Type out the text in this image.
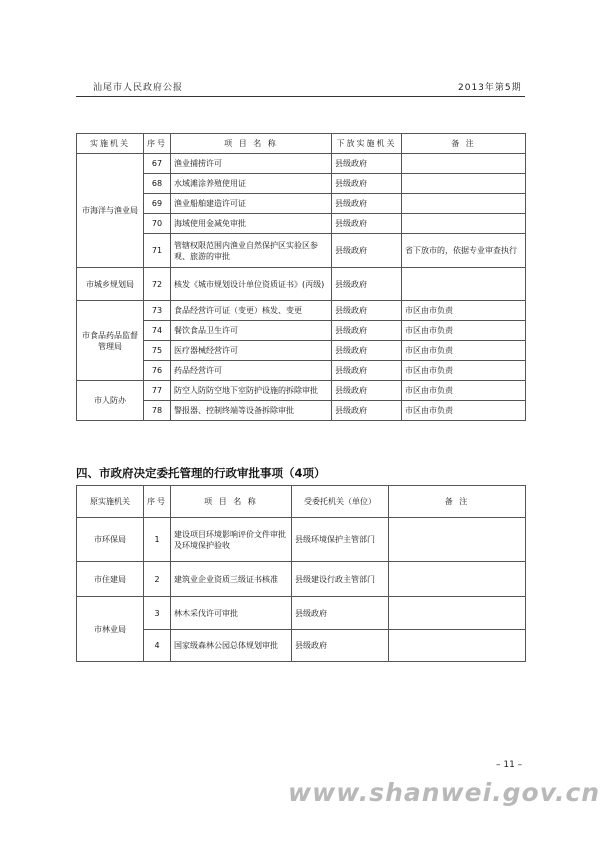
汕尾市人民政府公报	2013年第5期
实施机关	序号	项 目 名 称	下放实施机关	备 注
市海洋与渔业局	67	渔业捕捞许可	县级政府	
	68	水域滩涂养殖使用证	县级政府	
	69	渔业船舶建造许可证	县级政府	
	70	海域使用金减免审批	县级政府	
	71	管辖权限范围内渔业自然保护区实验区参观、旅游的审批	县级政府	省下放市的，依据专业审查执行
市城乡规划局	72	核发《城市规划设计单位资质证书》(丙级)	县级政府	
市食品药品监督管理局	73	食品经营许可证（变更）核发、变更	县级政府	市区由市负责
	74	餐饮食品卫生许可	县级政府	市区由市负责
	75	医疗器械经营许可	县级政府	市区由市负责
	76	药品经营许可	县级政府	市区由市负责
市人防办	77	防空人防防空地下室防护设施的拆除审批	县级政府	市区由市负责
	78	警报器、控制终端等设备拆除审批	县级政府	市区由市负责
四、市政府决定委托管理的行政审批事项（4项）
原实施机关	序号	项 目 名 称	受委托机关（单位）	备 注
市环保局	1	建设项目环境影响评价文件审批及环境保护验收	县级环境保护主管部门	
市住建局	2	建筑业企业资质三级证书核准	县级建设行政主管部门	
市林业局	3	林木采伐许可审批	县级政府	
	4	国家级森林公园总体规划审批	县级政府	
– 11 –
www.shanwei.gov.cn
